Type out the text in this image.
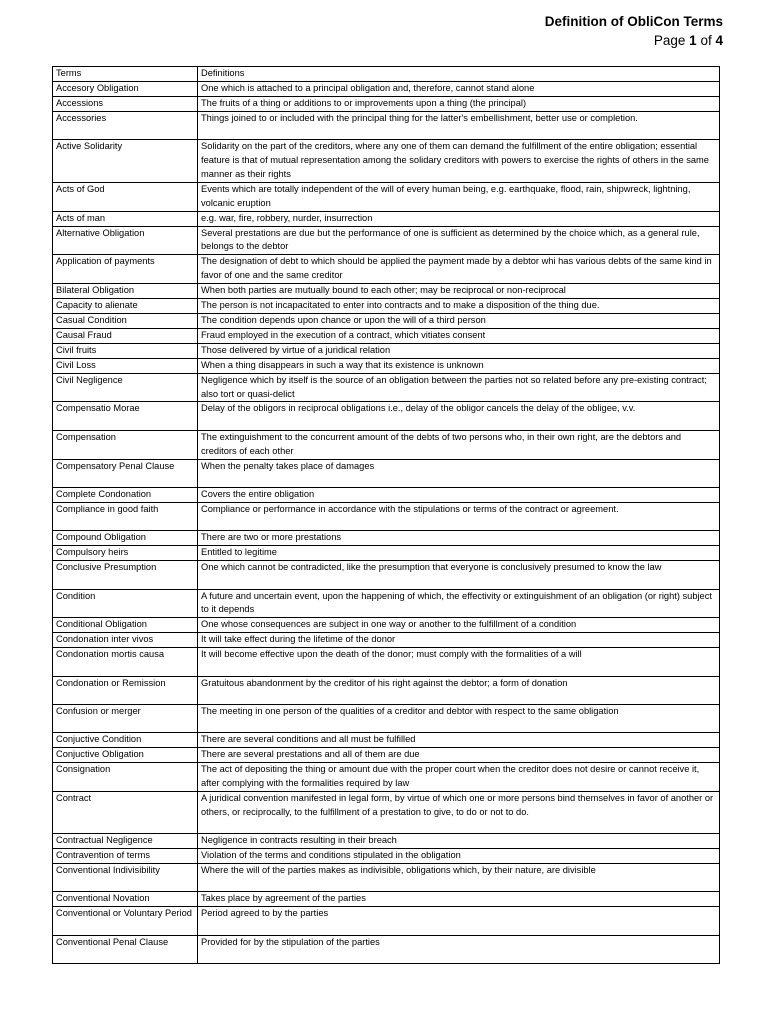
Definition of ObliCon Terms
Page 1 of 4
Terms	Definitions
Accesory Obligation	One which is attached to a principal obligation and, therefore, cannot stand alone
Accessions	The fruits of a thing or additions to or improvements upon a thing (the principal)
Accessories	Things joined to or included with the principal thing for the latter's embellishment, better use or completion.
Active Solidarity	Solidarity on the part of the creditors, where any one of them can demand the fulfillment of the entire obligation; essential feature is that of mutual representation among the solidary creditors with powers to exercise the rights of others in the same manner as their rights
Acts of God	Events which are totally independent of the will of every human being, e.g. earthquake, flood, rain, shipwreck, lightning, volcanic eruption
Acts of man	e.g. war, fire, robbery, nurder, insurrection
Alternative Obligation	Several prestations are due but the performance of one is sufficient as determined by the choice which, as a general rule, belongs to the debtor
Application of payments	The designation of debt to which should be applied the payment made by a debtor whi has various debts of the same kind in favor of one and the same creditor
Bilateral Obligation	When both parties are mutually bound to each other; may be reciprocal or non-reciprocal
Capacity to alienate	The person is not incapacitated to enter into contracts and to make a disposition of the thing due.
Casual Condition	The condition depends upon chance or upon the will of a third person
Causal Fraud	Fraud employed in the execution of a contract, which vitiates consent
Civil fruits	Those delivered by virtue of a juridical relation
Civil Loss	When a thing disappears in such a way that its existence is unknown
Civil Negligence	Negligence which by itself is the source of an obligation between the parties not so related before any pre-existing contract; also tort or quasi-delict
Compensatio Morae	Delay of the obligors in reciprocal obligations i.e., delay of the obligor cancels the delay of the obligee, v.v.
Compensation	The extinguishment to the concurrent amount of the debts of two persons who, in their own right, are the debtors and creditors of each other
Compensatory Penal Clause	When the penalty takes place of damages
Complete Condonation	Covers the entire obligation
Compliance in good faith	Compliance or performance in accordance with the stipulations or terms of the contract or agreement.
Compound Obligation	There are two or more prestations
Compulsory heirs	Entitled to legitime
Conclusive Presumption	One which cannot be contradicted, like the presumption that everyone is conclusively presumed to know the law
Condition	A future and uncertain event, upon the happening of which, the effectivity or extinguishment of an obligation (or right) subject to it depends
Conditional Obligation	One whose consequences are subject in one way or another to the fulfillment of a condition
Condonation inter vivos	It will take effect during the lifetime of the donor
Condonation mortis causa	It will become effective upon the death of the donor; must comply with the formalities of a will
Condonation or Remission	Gratuitous abandonment by the creditor of his right against the debtor; a form of donation
Confusion or merger	The meeting in one person of the qualities of a creditor and debtor with respect to the same obligation
Conjuctive Condition	There are several conditions and all must be fulfilled
Conjuctive Obligation	There are several prestations and all of them are due
Consignation	The act of depositing the thing or amount due with the proper court when the creditor does not desire or cannot receive it, after complying with the formalities required by law
Contract	A juridical convention manifested in legal form, by virtue of which one or more persons bind themselves in favor of another or others, or reciprocally, to the fulfillment of a prestation to give, to do or not to do.
Contractual Negligence	Negligence in contracts resulting in their breach
Contravention of terms	Violation of the terms and conditions stipulated in the obligation
Conventional Indivisibility	Where the will of the parties makes as indivisible, obligations which, by their nature, are divisible
Conventional Novation	Takes place by agreement of the parties
Conventional or Voluntary Period	Period agreed to by the parties
Conventional Penal Clause	Provided for by the stipulation of the parties
